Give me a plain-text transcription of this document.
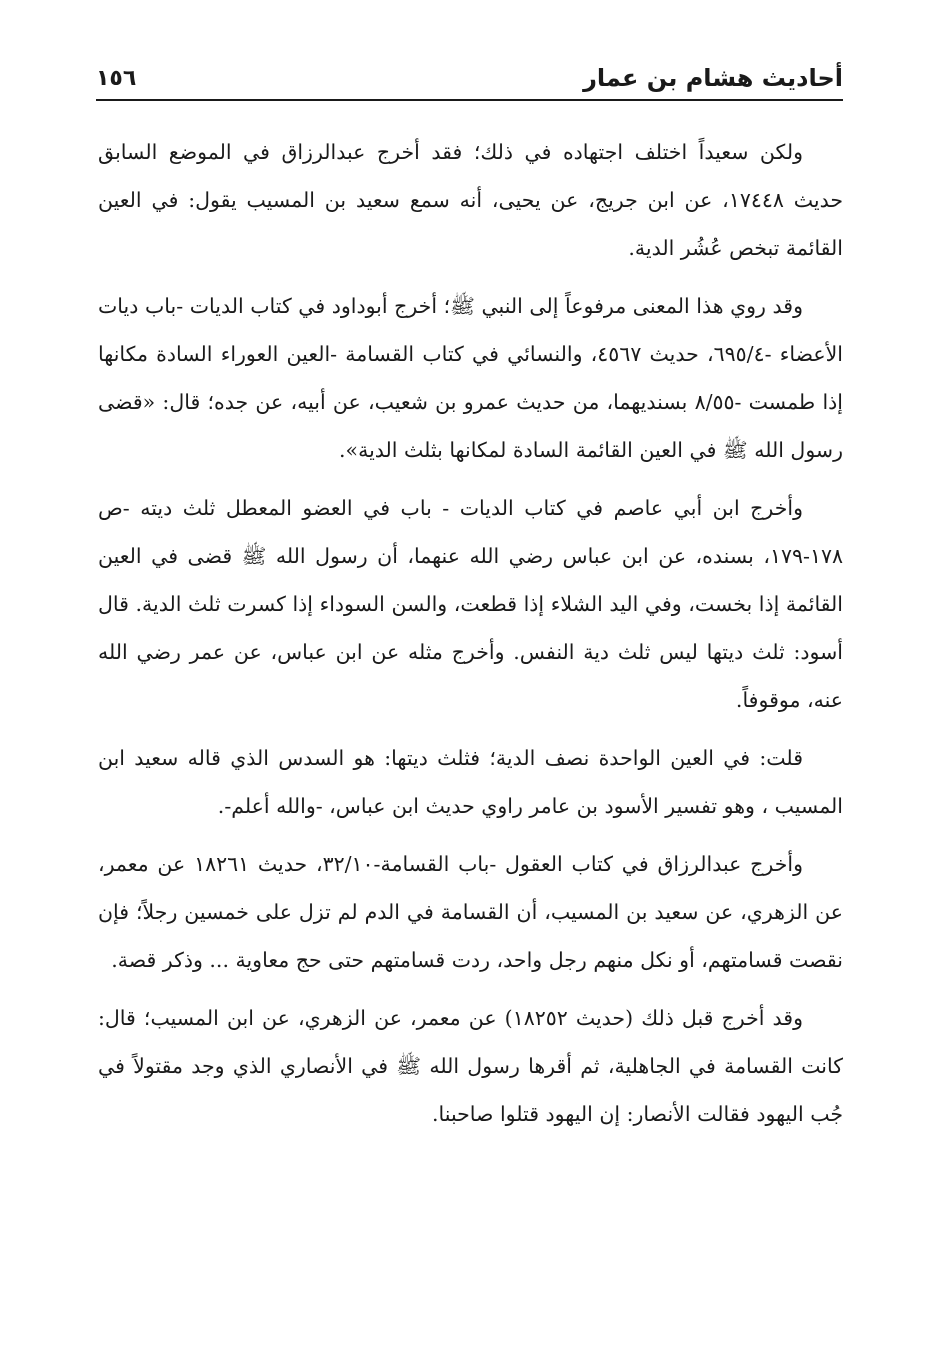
أحاديث هشام بن عمار
١٥٦

ولكن سعيداً اختلف اجتهاده في ذلك؛ فقد أخرج عبدالرزاق في الموضع السابق حديث ١٧٤٤٨، عن ابن جريج، عن يحيى، أنه سمع سعيد بن المسيب يقول: في العين القائمة تبخص عُشُر الدية.

وقد روي هذا المعنى مرفوعاً إلى النبي ﷺ؛ أخرج أبوداود في كتاب الديات -باب ديات الأعضاء -٦٩٥/٤، حديث ٤٥٦٧، والنسائي في كتاب القسامة -العين العوراء السادة مكانها إذا طمست -٨/٥٥ بسنديهما، من حديث عمرو بن شعيب، عن أبيه، عن جده؛ قال: «قضى رسول الله ﷺ في العين القائمة السادة لمكانها بثلث الدية».

وأخرج ابن أبي عاصم في كتاب الديات - باب في العضو المعطل ثلث ديته -ص ١٧٨-١٧٩، بسنده، عن ابن عباس رضي الله عنهما، أن رسول الله ﷺ قضى في العين القائمة إذا بخست، وفي اليد الشلاء إذا قطعت، والسن السوداء إذا كسرت ثلث الدية. قال أسود: ثلث ديتها ليس ثلث دية النفس. وأخرج مثله عن ابن عباس، عن عمر رضي الله عنه، موقوفاً.

قلت: في العين الواحدة نصف الدية؛ فثلث ديتها: هو السدس الذي قاله سعيد ابن المسيب ، وهو تفسير الأسود بن عامر راوي حديث ابن عباس، -والله أعلم-.

وأخرج عبدالرزاق في كتاب العقول -باب القسامة-٣٢/١٠، حديث ١٨٢٦١ عن معمر، عن الزهري، عن سعيد بن المسيب، أن القسامة في الدم لم تزل على خمسين رجلاً؛ فإن نقصت قسامتهم، أو نكل منهم رجل واحد، ردت قسامتهم حتى حج معاوية ... وذكر قصة.

وقد أخرج قبل ذلك (حديث ١٨٢٥٢) عن معمر، عن الزهري، عن ابن المسيب؛ قال: كانت القسامة في الجاهلية، ثم أقرها رسول الله ﷺ في الأنصاري الذي وجد مقتولاً في جُب اليهود فقالت الأنصار: إن اليهود قتلوا صاحبنا.
